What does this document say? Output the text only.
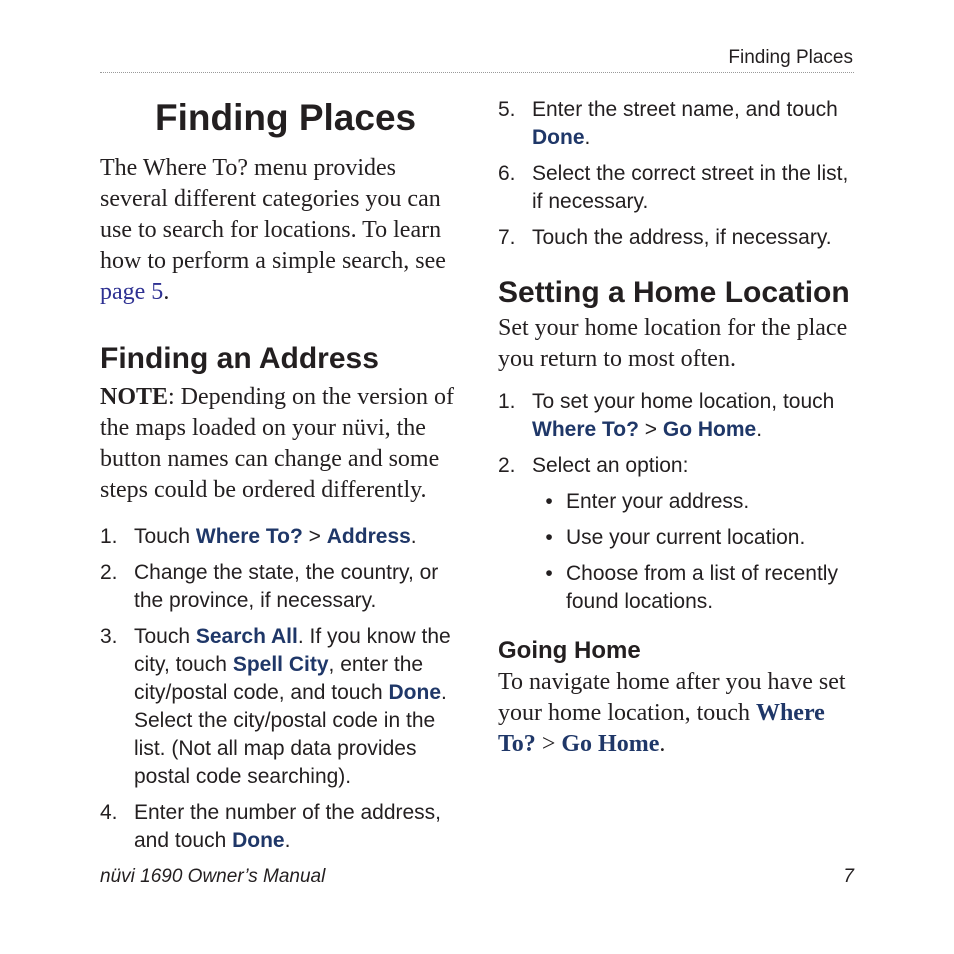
Finding Places
Finding Places

The Where To? menu provides several different categories you can use to search for locations. To learn how to perform a simple search, see page 5.

Finding an Address

NOTE: Depending on the version of the maps loaded on your nüvi, the button names can change and some steps could be ordered differently.

1. Touch Where To? > Address.
2. Change the state, the country, or the province, if necessary.
3. Touch Search All. If you know the city, touch Spell City, enter the city/postal code, and touch Done. Select the city/postal code in the list. (Not all map data provides postal code searching).
4. Enter the number of the address, and touch Done.
5. Enter the street name, and touch Done.
6. Select the correct street in the list, if necessary.
7. Touch the address, if necessary.
Setting a Home Location

Set your home location for the place you return to most often.

1. To set your home location, touch Where To? > Go Home.
2. Select an option:
• Enter your address.
• Use your current location.
• Choose from a list of recently found locations.
Going Home

To navigate home after you have set your home location, touch Where To? > Go Home.

nüvi 1690 Owner’s Manual	7
